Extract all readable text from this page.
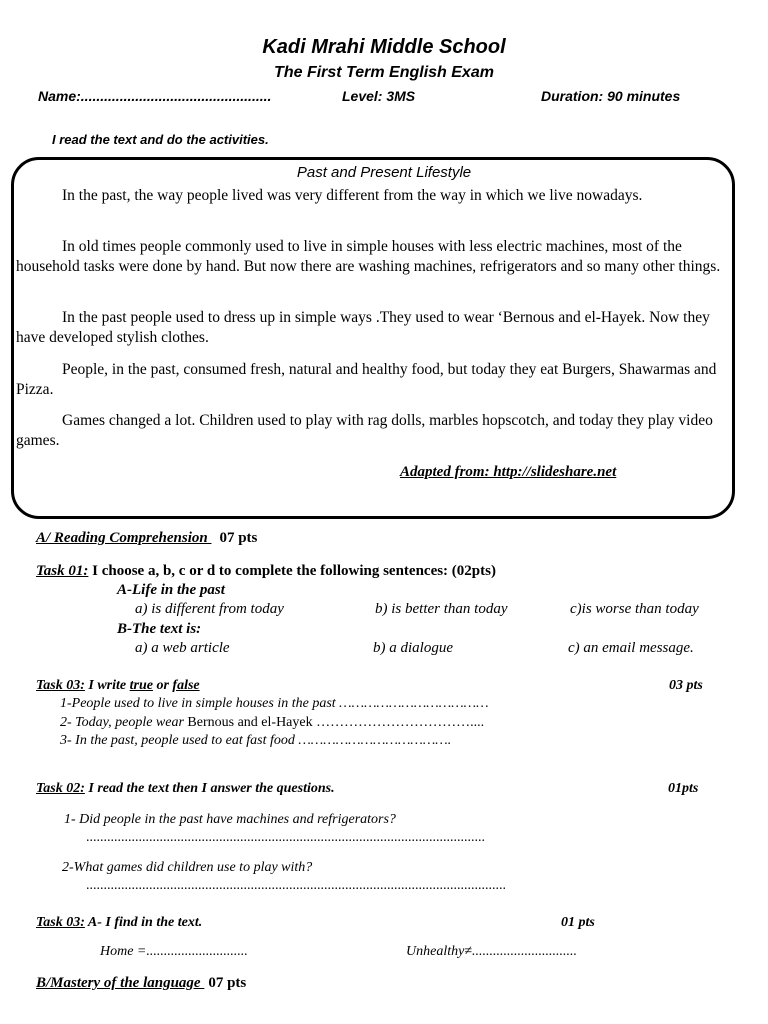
Kadi Mrahi Middle School
The First Term English Exam
Name:.................................................	Level: 3MS	Duration: 90 minutes
I read the text and do the activities.
Past and Present Lifestyle
In the past, the way people lived was very different from the way in which we live nowadays.
In old times people commonly used to live in simple houses with less electric machines, most of the household tasks were done by hand. But now there are washing machines, refrigerators and so many other things.
In the past people used to dress up in simple ways .They used to wear ‘Bernous and el-Hayek. Now they have developed stylish clothes.
People, in the past, consumed fresh, natural and healthy food, but today they eat Burgers, Shawarmas and Pizza.
Games changed a lot. Children used to play with rag dolls, marbles hopscotch, and today they play video games.
Adapted from: http://slideshare.net
A/ Reading Comprehension 07 pts
Task 01: I choose a, b, c or d to complete the following sentences: (02pts)
A-Life in the past
a) is different from today	b) is better than today	c)is worse than today
B-The text is:
a) a web article	b) a dialogue	c) an email message.
Task 03: I write true or false	03 pts
1-People used to live in simple houses in the past ………………………………
2- Today, people wear Bernous and el-Hayek ……………………………....
3- In the past, people used to eat fast food ……………………………….
Task 02: I read the text then I answer the questions.	01pts
1- Did people in the past have machines and refrigerators?
..................................................................................................................
2-What games did children use to play with?
........................................................................................................................
Task 03: A- I find in the text.	01 pts
Home =.............................	Unhealthy≠..............................
B/Mastery of the language 07 pts
